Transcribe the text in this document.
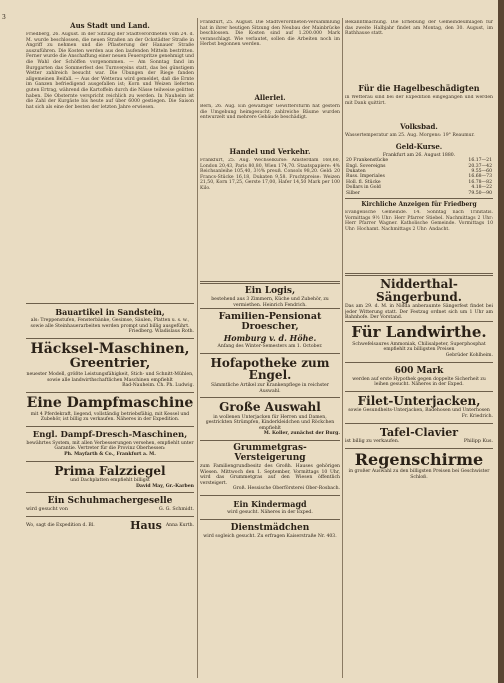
3
Aus Stadt und Land.

Friedberg, 26. August. In der Sitzung der Stadtverordneten vom 24. d. M. wurde beschlossen, die neuen Straßen an der Ockstädter Straße in Angriff zu nehmen und die Pflasterung der Hanauer Straße auszuführen. Die Kosten werden aus den laufenden Mitteln bestritten. Ferner wurde die Anschaffung einer neuen Feuerspritze genehmigt und die Wahl der Schöffen vorgenommen. — Am Sonntag fand im Burggarten das Sommerfest des Turnvereins statt, das bei günstigem Wetter zahlreich besucht war. Die Übungen der Riege fanden allgemeinen Beifall. — Aus der Wetterau wird gemeldet, daß die Ernte im Ganzen befriedigend ausgefallen ist; Korn und Weizen lieferten guten Ertrag, während die Kartoffeln durch die Nässe teilweise gelitten haben. Die Obsternte verspricht reichlich zu werden. In Nauheim ist die Zahl der Kurgäste bis heute auf über 6000 gestiegen. Die Saison hat sich als eine der besten der letzten Jahre erwiesen.

Bauartikel in Sandstein,

als: Treppenstufen, Fensterbänke, Gesimse, Säulen, Platten u. s. w., sowie alle Steinhauerarbeiten werden prompt und billig ausgeführt.

Friedberg. Wladislaus Roth.
Häcksel-Maschinen,
Greentrier,

neuester Modell, größte Leistungsfähigkeit, Stich- und Schnitt-Mühlen, sowie alle landwirthschaftlichen Maschinen empfiehlt

Bad-Nauheim. Ch. Ph. Ludwig.
Eine Dampfmaschine

mit 4 Pferdekraft, liegend, vollständig betriebsfähig, mit Kessel und Zubehör, ist billig zu verkaufen. Näheres in der Expedition.

Engl. Dampf-Dresch-Maschinen,

bewährtes System, mit allen Verbesserungen versehen, empfiehlt unter Garantie. Vertreter für die Provinz Oberhessen:

Ph. Mayfarth & Co., Frankfurt a. M.
Prima Falzziegel

und Dachplatten empfiehlt billigst

David May, Gr.-Karben
Ein Schuhmachergeselle
wird gesucht von	G. G. Schmidt.
Wo, sagt die Expedition d. Bl.	Haus Anna Kurth.

Frankfurt, 25. August. Die Stadtverordneten-Versammlung hat in ihrer heutigen Sitzung den Neubau der Mainbrücke beschlossen. Die Kosten sind auf 1.200.000 Mark veranschlagt. Wie verlautet, sollen die Arbeiten noch im Herbst begonnen werden.

Allerlei.

Bern, 26. Aug. Ein gewaltiger Gewittersturm hat gestern die Umgebung heimgesucht; zahlreiche Bäume wurden entwurzelt und mehrere Gebäude beschädigt.

Handel und Verkehr.

Frankfurt, 25. Aug. Wechselkurse: Amsterdam 168,60, London 20,43, Paris 80,80, Wien 174,70. Staatspapiere: 4% Reichsanleihe 105,40, 3½% preuß. Consols 98,20. Geld: 20 Francs-Stücke 16,18, Dukaten 9,58. Fruchtpreise: Weizen 21,50, Korn 17,25, Gerste 17,00, Hafer 14,50 Mark per 100 Kilo.

Ein Logis,

bestehend aus 3 Zimmern, Küche und Zubehör, zu vermiethen. Heinrich Fendrich.

Familien-Pensionat Droescher,
Homburg v. d. Höhe.

Anfang des Winter-Semesters am 1. October.

Hofapotheke zum Engel.

Sämmtliche Artikel zur Krankenpflege in reichster Auswahl.

Große Auswahl

in wollenen Unterjacken für Herren und Damen, gestrickten Strümpfen, Kinderkleidchen und Röckchen empfiehlt

M. Koller, zunächst der Burg.
Grummetgras-Versteigerung

zum Familiengrundbesitz des Großh. Hauses gehörigen Wiesen. Mittwoch den 1. September, Vormittags 10 Uhr, wird das Grummetgras auf den Wiesen öffentlich versteigert.

Groß. Hessische Oberförsterei Ober-Rosbach.
Ein Kindermagd

wird gesucht. Näheres in der Exped.

Dienstmädchen

wird sogleich gesucht. Zu erfragen Kaiserstraße Nr. 403.

Bekanntmachung. Die Erhebung der Gemeindeumlagen für das zweite Halbjahr findet am Montag, den 30. August, im Rathhause statt.

Für die Hagelbeschädigten

in Wetterau sind bei der Expedition eingegangen und werden mit Dank quittirt.

Volksbad.

Wassertemperatur am 25. Aug. Morgens: 19° Reaumur.

Geld-Kurse.
Frankfurt am 26. August 1880.
20 Frankenstücke	16.17—21
Engl. Sovereigns	20.37—42
Dukaten	9.55—60
Russ. Imperiales	16.68—73
Holl. fl. Stücke	16.78—82
Dollars in Gold	4.18—22
Silber	79.50—90
Kirchliche Anzeigen für Friedberg

Evangelische Gemeinde. 14. Sonntag nach Trinitatis. Vormittags 9½ Uhr: Herr Pfarrer Stiebel. Nachmittags 2 Uhr: Herr Pfarrer Wagner. Katholische Gemeinde. Vormittags 10 Uhr: Hochamt. Nachmittags 2 Uhr: Andacht.

Nidderthal-Sängerbund.

Das am 29. d. M. in Nidda anberaumte Sängerfest findet bei jeder Witterung statt. Der Festzug ordnet sich um 1 Uhr am Bahnhofe. Der Vorstand.

Für Landwirthe.

Schwefelsaures Ammoniak, Chilisalpeter, Superphosphat empfiehlt zu billigsten Preisen

Gebrüder Kohlheim.
600 Mark

werden auf erste Hypothek gegen doppelte Sicherheit zu leihen gesucht. Näheres in der Exped.

Filet-Unterjacken,

sowie Gesundheits-Unterjacken, Badehosen und Unterhosen

Fr. Kriedrich.
Tafel-Clavier
ist billig zu verkaufen.	Philipp Kus.
Regenschirme

in großer Auswahl zu den billigsten Preisen bei Geschwister Schloß.
